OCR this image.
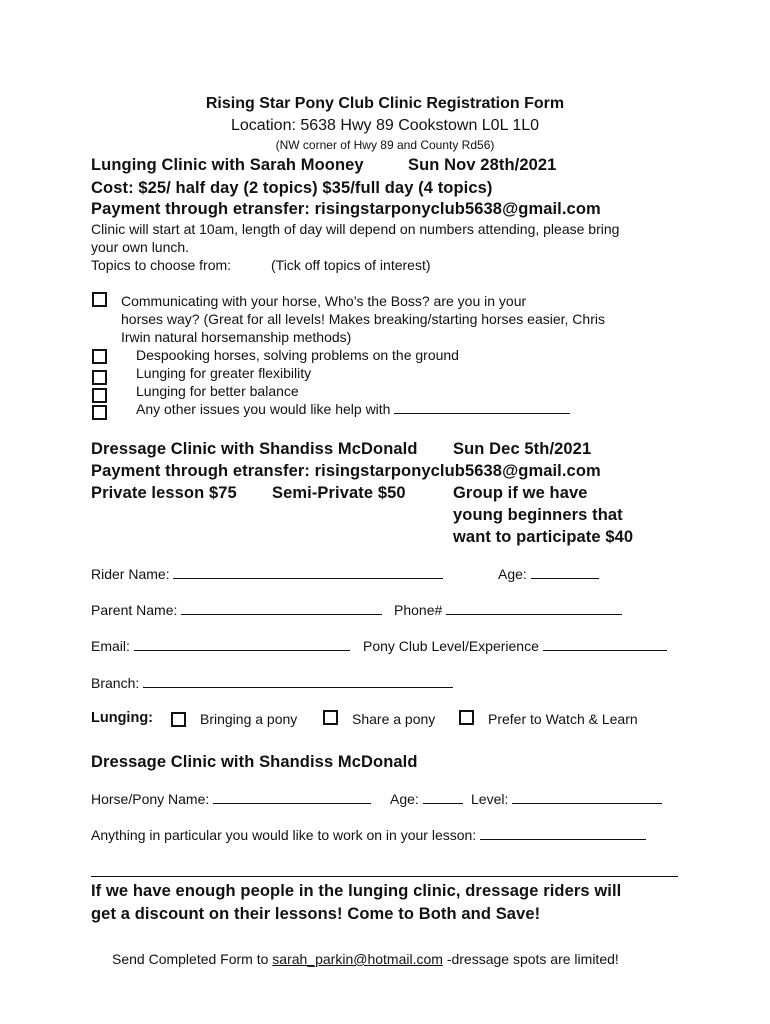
Rising Star Pony Club Clinic Registration Form
Location: 5638 Hwy 89 Cookstown L0L 1L0
(NW corner of Hwy 89 and County Rd56)
Lunging Clinic with Sarah Mooney	Sun Nov 28th/2021
Cost: $25/ half day (2 topics) $35/full day (4 topics)
Payment through etransfer: risingstarponyclub5638@gmail.com
Clinic will start at 10am, length of day will depend on numbers attending, please bring
your own lunch.
Topics to choose from:	(Tick off topics of interest)
Communicating with your horse, Who’s the Boss? are you in your
horses way? (Great for all levels! Makes breaking/starting horses easier, Chris
Irwin natural horsemanship methods)
Despooking horses, solving problems on the ground
Lunging for greater flexibility
Lunging for better balance
Any other issues you would like help with
Dressage Clinic with Shandiss McDonald Sun Dec 5th/2021
Payment through etransfer: risingstarponyclub5638@gmail.com
Private lesson $75 Semi-Private $50	Group if we have
young beginners that
want to participate $40
Rider Name:	Age:
Parent Name:	Phone#
Email:	Pony Club Level/Experience
Branch:
Lunging:	Bringing a pony	Share a pony	Prefer to Watch & Learn
Dressage Clinic with Shandiss McDonald
Horse/Pony Name:	Age:	Level:
Anything in particular you would like to work on in your lesson:
If we have enough people in the lunging clinic, dressage riders will
get a discount on their lessons! Come to Both and Save!
Send Completed Form to sarah_parkin@hotmail.com -dressage spots are limited!
